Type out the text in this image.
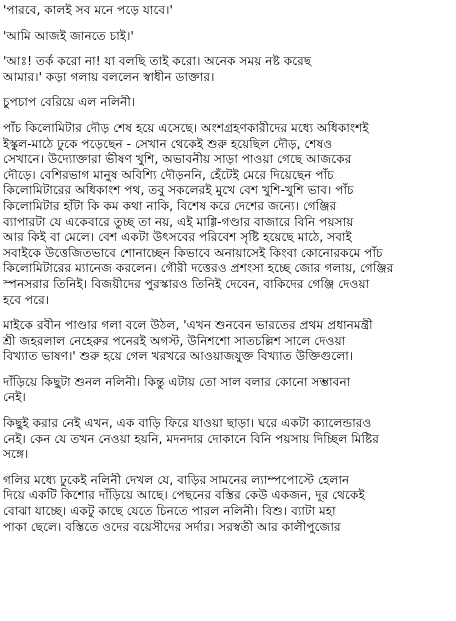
'পারবে, কালই সব মনে পড়ে যাবে।'
'আমি আজই জানতে চাই।'
'আঃ! তর্ক করো না! যা বলছি তাই করো। অনেক সময় নষ্ট করেছ
আমার।' কড়া গলায় বললেন স্বাধীন ডাক্তার।
চুপচাপ বেরিয়ে এল নলিনী।
পাঁচ কিলোমিটার দৌড় শেষ হয়ে এসেছে। অংশগ্রহণকারীদের মধ্যে অধিকাংশই
ইস্কুল-মাঠে ঢুকে পড়েছেন - সেখান থেকেই শুরু হয়েছিল দৌড়, শেষও
সেখানে। উদ্যোক্তারা ভীষণ খুশি, অভাবনীয় সাড়া পাওয়া গেছে আজকের
দৌড়ে। বেশিরভাগ মানুষ অবিশ্যি দৌড়ননি, হেঁটেই মেরে দিয়েছেন পাঁচ
কিলোমিটারের অধিকাংশ পথ, তবু সকলেরই মুখে বেশ খুশি-খুশি ভাব। পাঁচ
কিলোমিটার হাঁটা কি কম কথা নাকি, বিশেষ করে দেশের জন্যে। গেঞ্জির
ব্যাপারটা যে একেবারে তুচ্ছ তা নয়, এই মাগ্গি-গণ্ডার বাজারে বিনি পয়সায়
আর কিই বা মেলে। বেশ একটা উৎসবের পরিবেশ সৃষ্টি হয়েছে মাঠে, সবাই
সবাইকে উত্তেজিতভাবে শোনাচ্ছেন কিভাবে অনায়াসেই কিংবা কোনোরকমে পাঁচ
কিলোমিটারের ম্যানেজ করলেন। গৌরী দত্তেরও প্রশংসা হচ্ছে জোর গলায়, গেঞ্জির
স্পনসরার তিনিই। বিজয়ীদের পুরস্কারও তিনিই দেবেন, বাকিদের গেঞ্জি দেওয়া
হবে পরে।
মাইকে রবীন পাণ্ডার গলা বলে উঠল, 'এখন শুনবেন ভারতের প্রথম প্রধানমন্ত্রী
শ্রী জহরলাল নেহেরুর পনেরই অগস্ট, উনিশশো সাতচল্লিশ সালে দেওয়া
বিখ্যাত ভাষণ।' শুরু হয়ে গেল খরখরে আওয়াজযুক্ত বিখ্যাত উক্তিগুলো।
দাঁড়িয়ে কিছুটা শুনল নলিনী। কিন্তু এটায় তো সাল বলার কোনো সম্ভাবনা
নেই।
কিছুই করার নেই এখন, এক বাড়ি ফিরে যাওয়া ছাড়া। ঘরে একটা ক্যালেন্ডারও
নেই। কেন যে তখন নেওয়া হয়নি, মদনদার দোকানে বিনি পয়সায় দিচ্ছিল মিষ্টির
সঙ্গে।
গলির মধ্যে ঢুকেই নলিনী দেখল যে, বাড়ির সামনের ল্যাম্পপোস্টে হেলান
দিয়ে একটি কিশোর দাঁড়িয়ে আছে। পেছনের বস্তির কেউ একজন, দূর থেকেই
বোঝা যাচ্ছে। একটু কাছে যেতে চিনতে পারল নলিনী। বিশু। ব্যাটা মহা
পাকা ছেলে। বস্তিতে ওদের বয়েসীদের সর্দার। সরস্বতী আর কালীপুজোর
